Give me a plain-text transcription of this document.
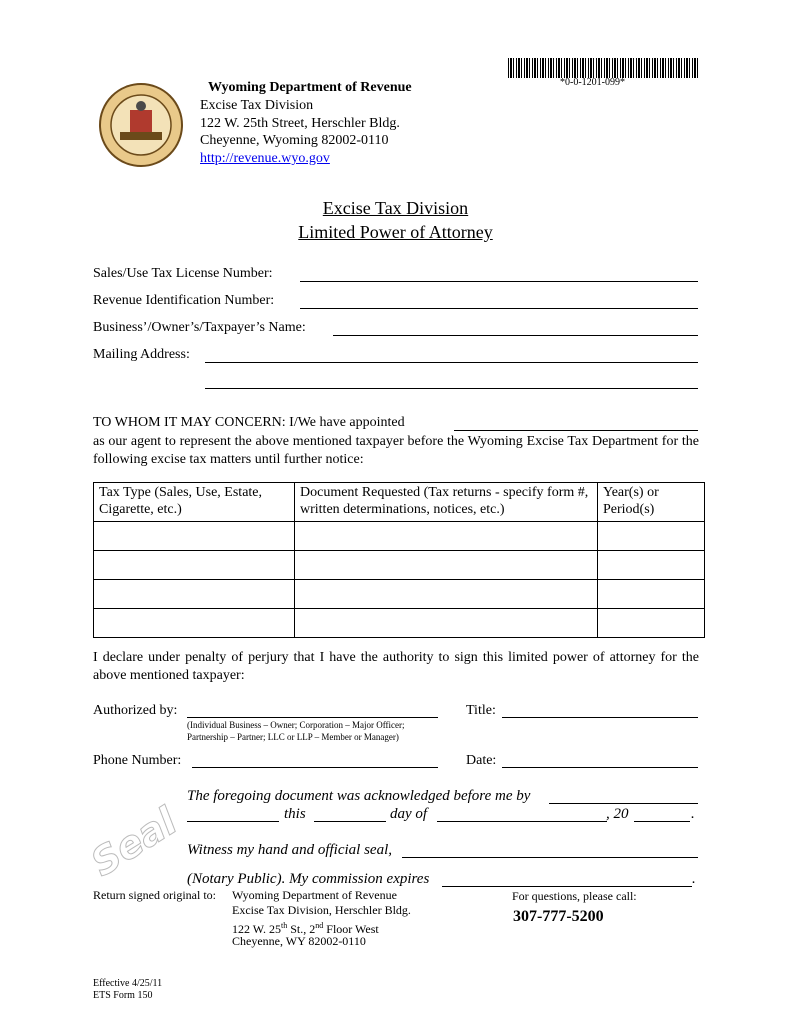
*0-0-1201-099*
Wyoming Department of Revenue
Excise Tax Division
122 W. 25th Street, Herschler Bldg.
Cheyenne, Wyoming 82002-0110
http://revenue.wyo.gov
Excise Tax Division
Limited Power of Attorney
Sales/Use Tax License Number:
Revenue Identification Number:
Business’/Owner’s/Taxpayer’s Name:
Mailing Address:
TO WHOM IT MAY CONCERN: I/We have appointed
as our agent to represent the above mentioned taxpayer before the Wyoming Excise Tax Department for the following excise tax matters until further notice:
Tax Type (Sales, Use, Estate, Cigarette, etc.)	Document Requested (Tax returns - specify form #, written determinations, notices, etc.)	Year(s) or Period(s)

I declare under penalty of perjury that I have the authority to sign this limited power of attorney for the above mentioned taxpayer:
Authorized by:
(Individual Business – Owner; Corporation – Major Officer;
Partnership – Partner; LLC or LLP – Member or Manager)
Title:
Phone Number:	Date:
Seal
The foregoing document was acknowledged before me by
this	day of	, 20	.
Witness my hand and official seal,
(Notary Public). My commission expires	.
Return signed original to: Wyoming Department of Revenue
Excise Tax Division, Herschler Bldg.
122 W. 25th St., 2nd Floor West
Cheyenne, WY 82002-0110
For questions, please call:
307-777-5200
Effective 4/25/11
ETS Form 150
